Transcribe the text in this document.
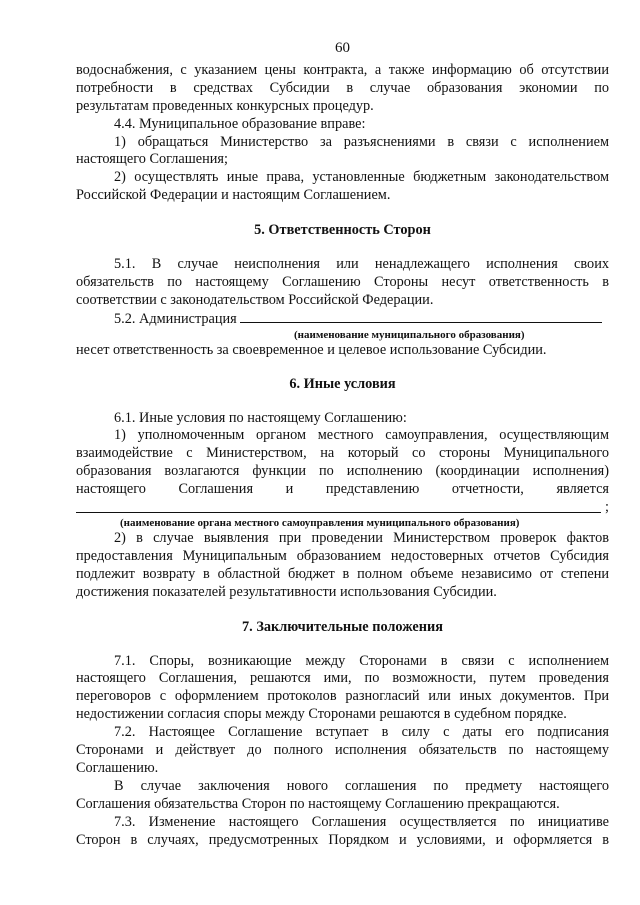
60
водоснабжения, с указанием цены контракта, а также информацию об отсутствии
потребности в средствах Субсидии в случае образования экономии по
результатам проведенных конкурсных процедур.
4.4. Муниципальное образование вправе:
1) обращаться Министерство за разъяснениями в связи с исполнением
настоящего Соглашения;
2) осуществлять иные права, установленные бюджетным законодательством
Российской Федерации и настоящим Соглашением.
5. Ответственность Сторон
5.1. В случае неисполнения или ненадлежащего исполнения своих
обязательств по настоящему Соглашению Стороны несут ответственность в
соответствии с законодательством Российской Федерации.
5.2. Администрация
(наименование муниципального образования)
несет ответственность за своевременное и целевое использование Субсидии.
6. Иные условия
6.1. Иные условия по настоящему Соглашению:
1) уполномоченным органом местного самоуправления, осуществляющим
взаимодействие с Министерством, на который со стороны Муниципального
образования возлагаются функции по исполнению (координации исполнения)
настоящего Соглашения и представлению отчетности, является
;
(наименование органа местного самоуправления муниципального образования)
2) в случае выявления при проведении Министерством проверок фактов
предоставления Муниципальным образованием недостоверных отчетов Субсидия
подлежит возврату в областной бюджет в полном объеме независимо от степени
достижения показателей результативности использования Субсидии.
7. Заключительные положения
7.1. Споры, возникающие между Сторонами в связи с исполнением
настоящего Соглашения, решаются ими, по возможности, путем проведения
переговоров с оформлением протоколов разногласий или иных документов. При
недостижении согласия споры между Сторонами решаются в судебном порядке.
7.2. Настоящее Соглашение вступает в силу с даты его подписания
Сторонами и действует до полного исполнения обязательств по настоящему
Соглашению.
В случае заключения нового соглашения по предмету настоящего
Соглашения обязательства Сторон по настоящему Соглашению прекращаются.
7.3. Изменение настоящего Соглашения осуществляется по инициативе
Сторон в случаях, предусмотренных Порядком и условиями, и оформляется в
